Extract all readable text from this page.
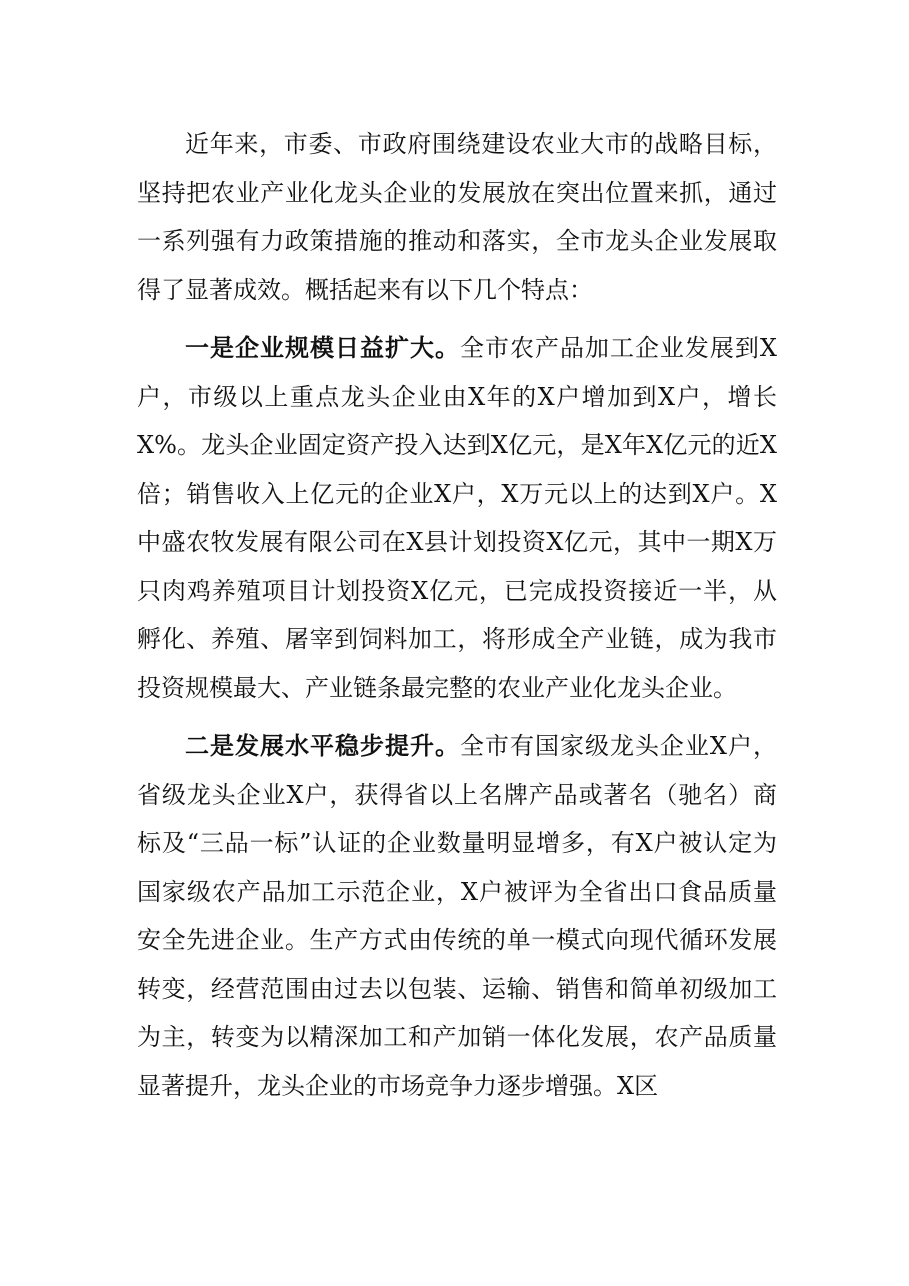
近年来，市委、市政府围绕建设农业大市的战略目标，坚持把农业产业化龙头企业的发展放在突出位置来抓，通过一系列强有力政策措施的推动和落实，全市龙头企业发展取得了显著成效。概括起来有以下几个特点：

一是企业规模日益扩大。全市农产品加工企业发展到X户，市级以上重点龙头企业由X年的X户增加到X户，增长X%。龙头企业固定资产投入达到X亿元，是X年X亿元的近X倍；销售收入上亿元的企业X户，X万元以上的达到X户。X中盛农牧发展有限公司在X县计划投资X亿元，其中一期X万只肉鸡养殖项目计划投资X亿元，已完成投资接近一半，从孵化、养殖、屠宰到饲料加工，将形成全产业链，成为我市投资规模最大、产业链条最完整的农业产业化龙头企业。

二是发展水平稳步提升。全市有国家级龙头企业X户，省级龙头企业X户，获得省以上名牌产品或著名（驰名）商标及“三品一标”认证的企业数量明显增多，有X户被认定为国家级农产品加工示范企业，X户被评为全省出口食品质量安全先进企业。生产方式由传统的单一模式向现代循环发展转变，经营范围由过去以包装、运输、销售和简单初级加工为主，转变为以精深加工和产加销一体化发展，农产品质量显著提升，龙头企业的市场竞争力逐步增强。X区
